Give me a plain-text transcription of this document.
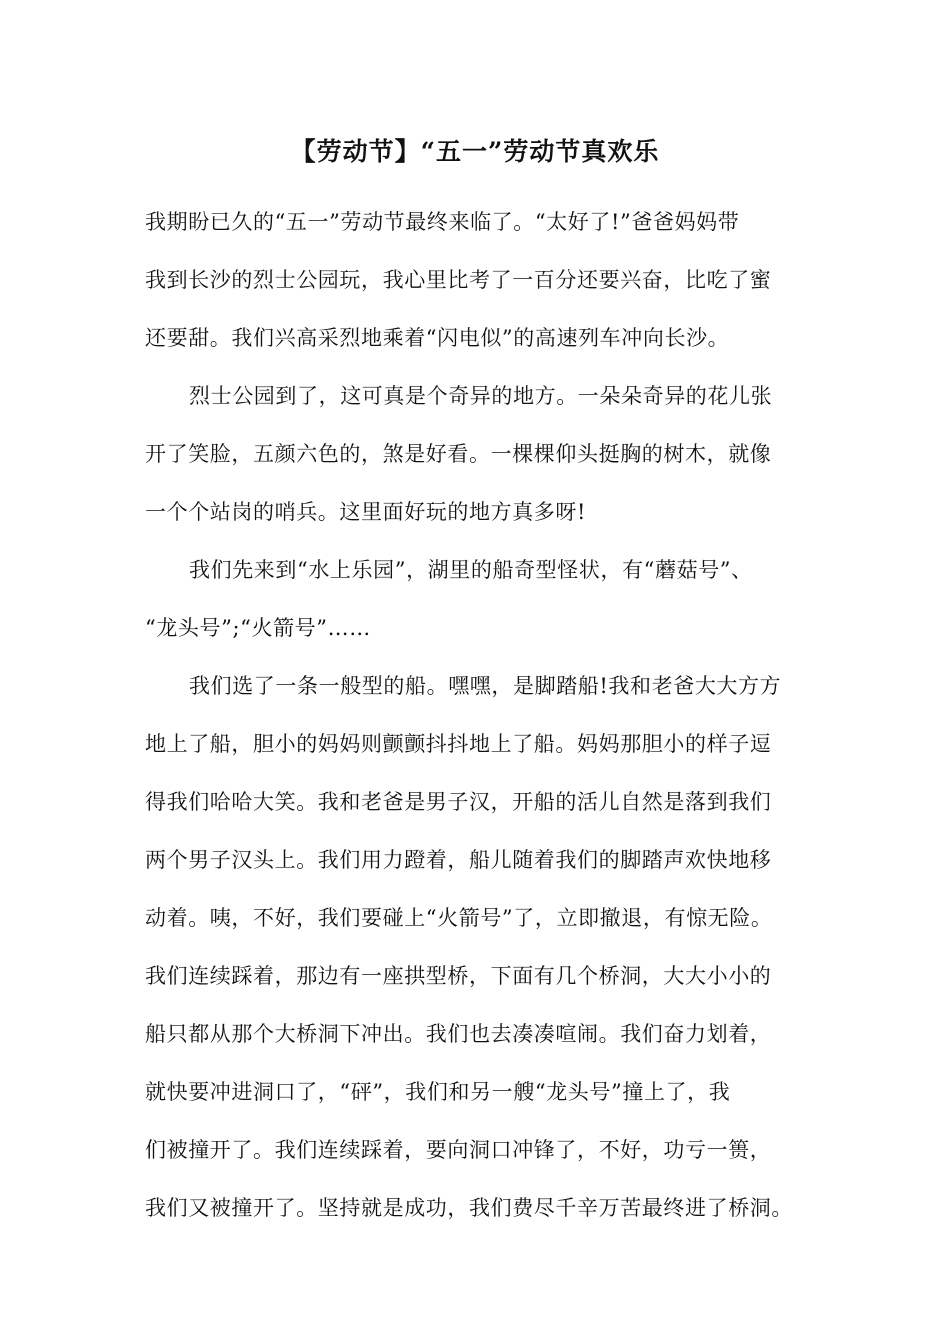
【劳动节】“五一”劳动节真欢乐
我期盼已久的“五一”劳动节最终来临了。“太好了!”爸爸妈妈带
我到长沙的烈士公园玩，我心里比考了一百分还要兴奋，比吃了蜜
还要甜。我们兴高采烈地乘着“闪电似”的高速列车冲向长沙。
烈士公园到了，这可真是个奇异的地方。一朵朵奇异的花儿张
开了笑脸，五颜六色的，煞是好看。一棵棵仰头挺胸的树木，就像
一个个站岗的哨兵。这里面好玩的地方真多呀!
我们先来到“水上乐园”，湖里的船奇型怪状，有“蘑菇号”、
“龙头号”;“火箭号”……
我们选了一条一般型的船。嘿嘿，是脚踏船!我和老爸大大方方
地上了船，胆小的妈妈则颤颤抖抖地上了船。妈妈那胆小的样子逗
得我们哈哈大笑。我和老爸是男子汉，开船的活儿自然是落到我们
两个男子汉头上。我们用力蹬着，船儿随着我们的脚踏声欢快地移
动着。咦，不好，我们要碰上“火箭号”了，立即撤退，有惊无险。
我们连续踩着，那边有一座拱型桥，下面有几个桥洞，大大小小的
船只都从那个大桥洞下冲出。我们也去凑凑喧闹。我们奋力划着，
就快要冲进洞口了，“砰”，我们和另一艘“龙头号”撞上了，我
们被撞开了。我们连续踩着，要向洞口冲锋了，不好，功亏一篑，
我们又被撞开了。坚持就是成功，我们费尽千辛万苦最终进了桥洞。
